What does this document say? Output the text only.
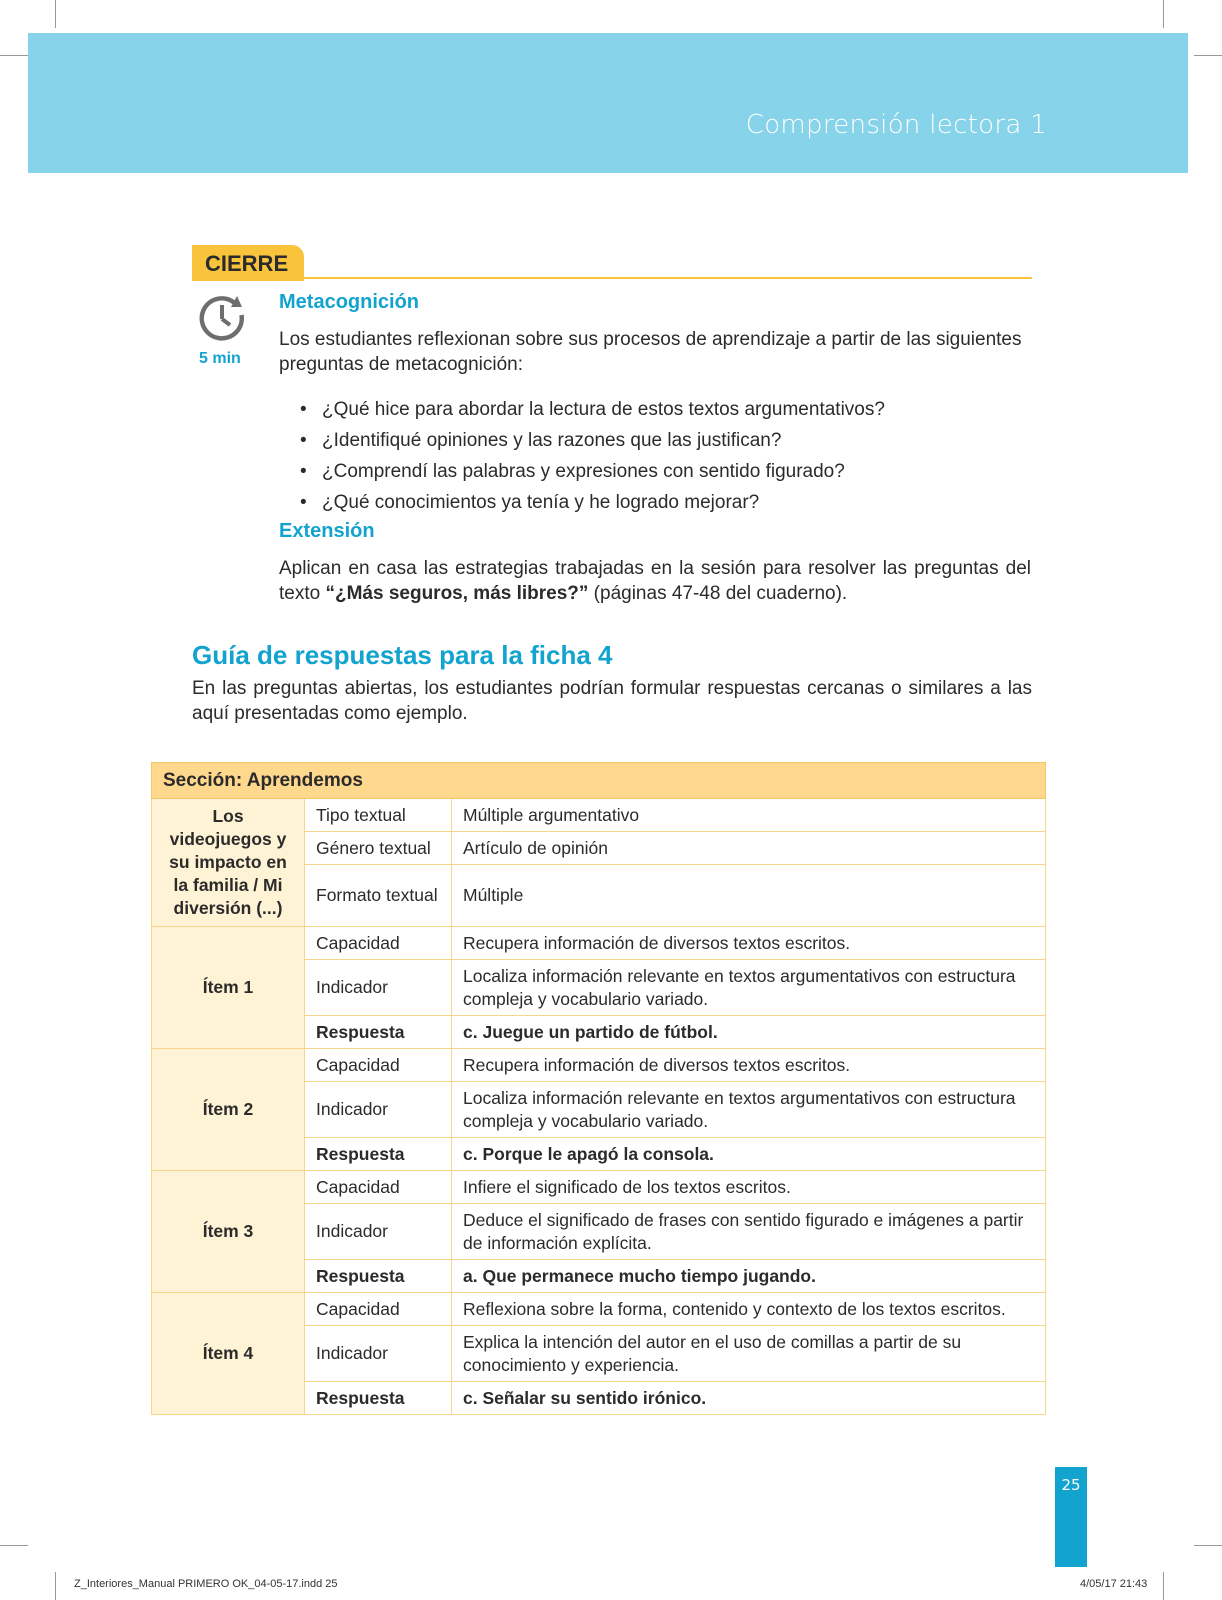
Comprensión lectora 1
CIERRE
5 min
Metacognición
Los estudiantes reflexionan sobre sus procesos de aprendizaje a partir de las siguientes preguntas de metacognición:
• ¿Qué hice para abordar la lectura de estos textos argumentativos?
• ¿Identifiqué opiniones y las razones que las justifican?
• ¿Comprendí las palabras y expresiones con sentido figurado?
• ¿Qué conocimientos ya tenía y he logrado mejorar?
Extensión
Aplican en casa las estrategias trabajadas en la sesión para resolver las preguntas del texto “¿Más seguros, más libres?” (páginas 47-48 del cuaderno).
Guía de respuestas para la ficha 4
En las preguntas abiertas, los estudiantes podrían formular respuestas cercanas o similares a las aquí presentadas como ejemplo.
Sección: Aprendemos		
Los videojuegos y su impacto en la familia / Mi diversión (...)	Tipo textual	Múltiple argumentativo
	Género textual	Artículo de opinión
	Formato textual	Múltiple
Ítem 1	Capacidad	Recupera información de diversos textos escritos.
	Indicador	Localiza información relevante en textos argumentativos con estructura compleja y vocabulario variado.
	Respuesta	c. Juegue un partido de fútbol.
Ítem 2	Capacidad	Recupera información de diversos textos escritos.
	Indicador	Localiza información relevante en textos argumentativos con estructura compleja y vocabulario variado.
	Respuesta	c. Porque le apagó la consola.
Ítem 3	Capacidad	Infiere el significado de los textos escritos.
	Indicador	Deduce el significado de frases con sentido figurado e imágenes a partir de información explícita.
	Respuesta	a. Que permanece mucho tiempo jugando.
Ítem 4	Capacidad	Reflexiona sobre la forma, contenido y contexto de los textos escritos.
	Indicador	Explica la intención del autor en el uso de comillas a partir de su conocimiento y experiencia.
	Respuesta	c. Señalar su sentido irónico.
25
Z_Interiores_Manual PRIMERO OK_04-05-17.indd 25	4/05/17 21:43
